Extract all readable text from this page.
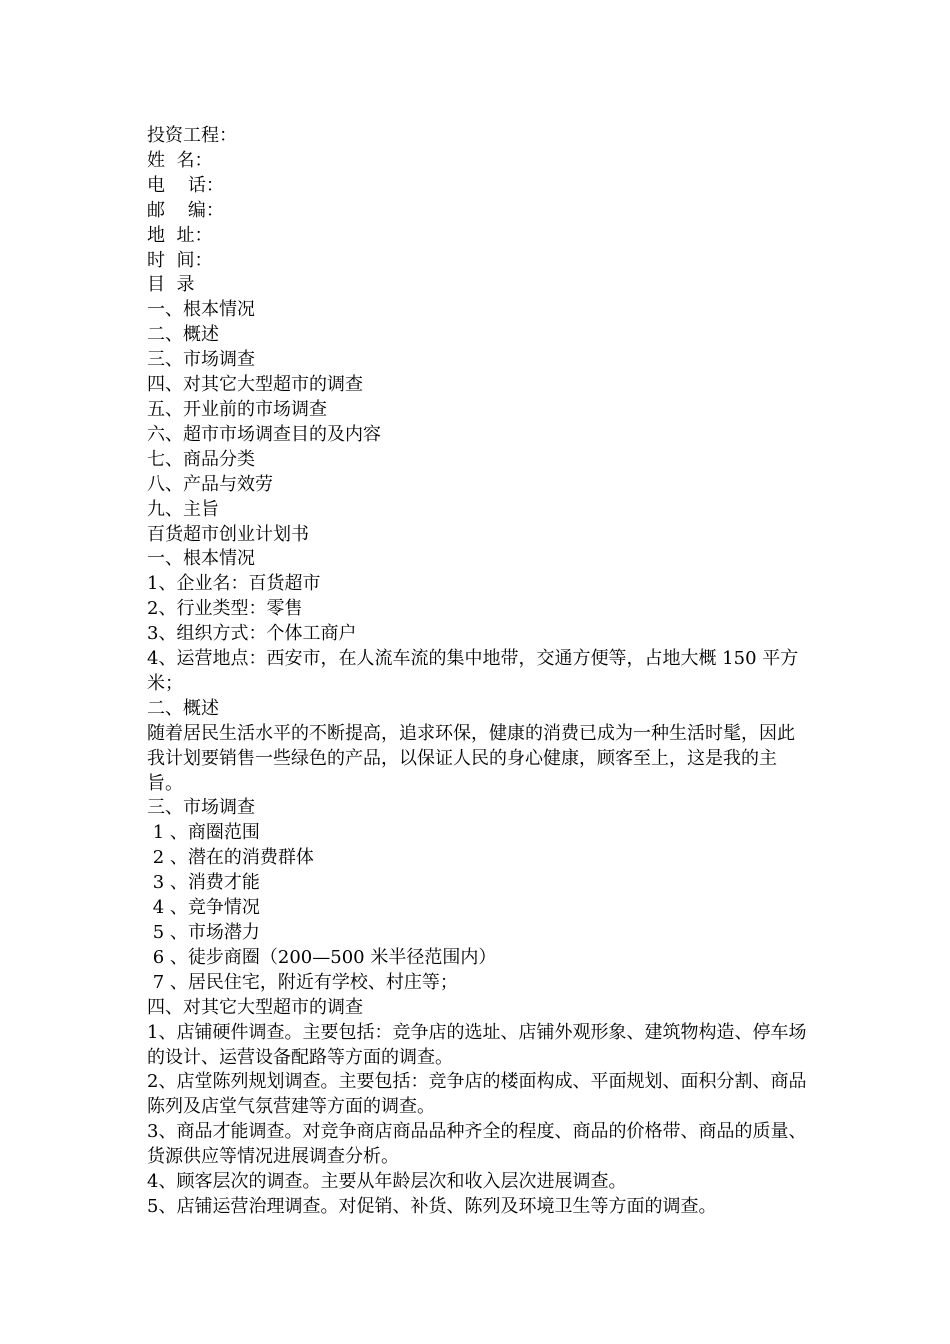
投资工程：

姓  名：

电    话：

邮    编：

地  址：

时  间：

目  录

一、根本情况

二、概述

三、市场调查

四、对其它大型超市的调查

五、开业前的市场调查

六、超市市场调查目的及内容

七、商品分类

八、产品与效劳

九、主旨

百货超市创业计划书

一、根本情况

1、企业名：百货超市

2、行业类型：零售

3、组织方式：个体工商户

4、运营地点：西安市，在人流车流的集中地带，交通方便等，占地大概 150 平方米；

二、概述

随着居民生活水平的不断提高，追求环保，健康的消费已成为一种生活时髦，因此我计划要销售一些绿色的产品，以保证人民的身心健康，顾客至上，这是我的主旨。

三、市场调查

1 、商圈范围

2 、潜在的消费群体

3 、消费才能

4 、竞争情况

5 、市场潜力

6 、徒步商圈（200—500 米半径范围内）

7 、居民住宅，附近有学校、村庄等；

四、对其它大型超市的调查

1、店铺硬件调查。主要包括：竞争店的选址、店铺外观形象、建筑物构造、停车场的设计、运营设备配路等方面的调查。

2、店堂陈列规划调查。主要包括：竞争店的楼面构成、平面规划、面积分割、商品陈列及店堂气氛营建等方面的调查。

3、商品才能调查。对竞争商店商品品种齐全的程度、商品的价格带、商品的质量、货源供应等情况进展调查分析。

4、顾客层次的调查。主要从年龄层次和收入层次进展调查。

5、店铺运营治理调查。对促销、补货、陈列及环境卫生等方面的调查。
